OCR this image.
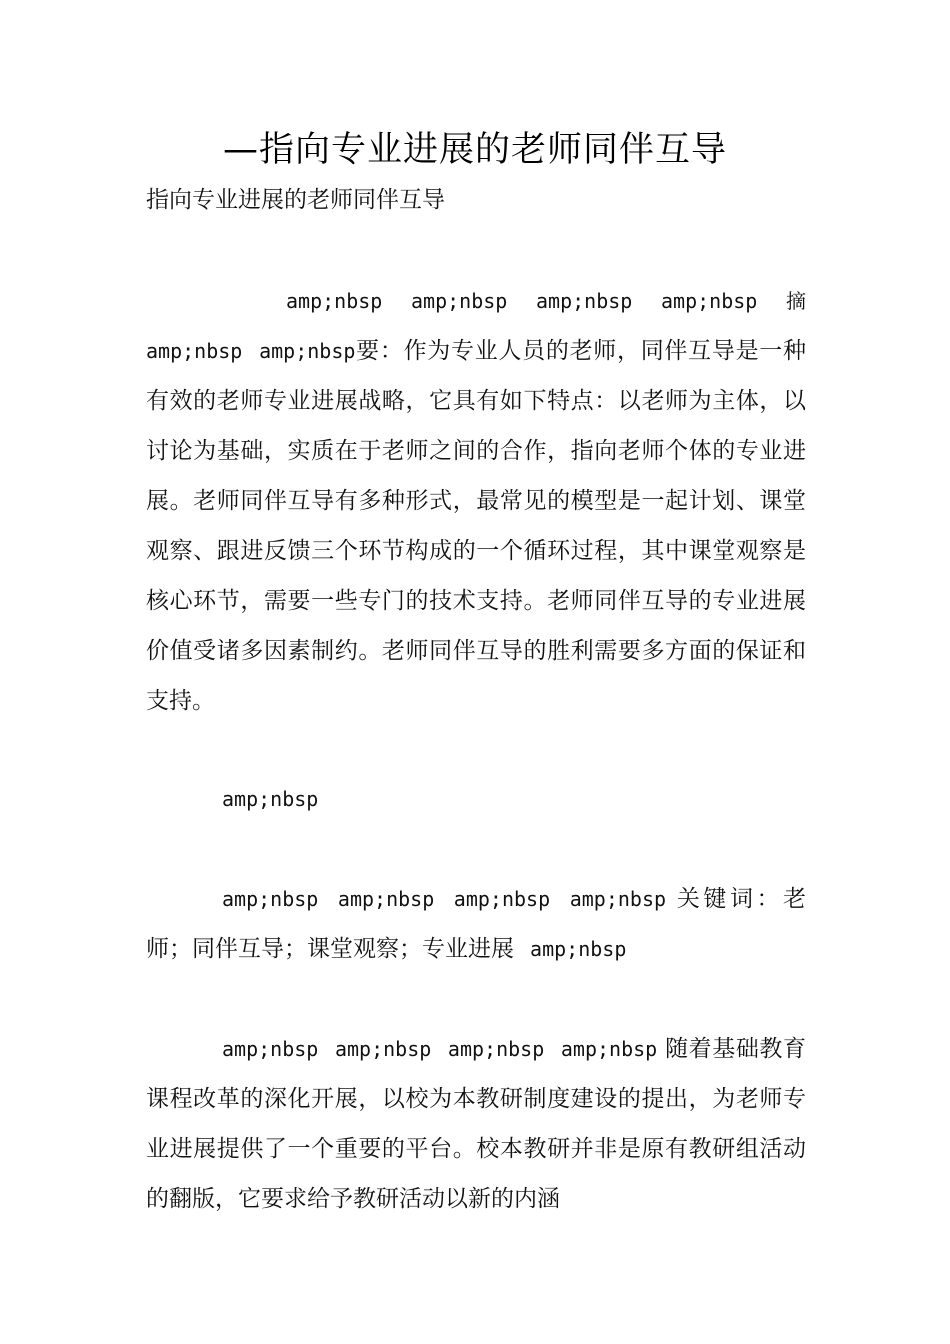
—指向专业进展的老师同伴互导

指向专业进展的老师同伴互导

amp;nbsp amp;nbsp amp;nbsp amp;nbsp 摘 amp;nbsp amp;nbsp要：作为专业人员的老师，同伴互导是一种有效的老师专业进展战略，它具有如下特点：以老师为主体，以讨论为基础，实质在于老师之间的合作，指向老师个体的专业进展。老师同伴互导有多种形式，最常见的模型是一起计划、课堂观察、跟进反馈三个环节构成的一个循环过程，其中课堂观察是核心环节，需要一些专门的技术支持。老师同伴互导的专业进展价值受诸多因素制约。老师同伴互导的胜利需要多方面的保证和支持。

amp;nbsp

amp;nbsp amp;nbsp amp;nbsp amp;nbsp 关键词：老师；同伴互导；课堂观察；专业进展 amp;nbsp

amp;nbsp amp;nbsp amp;nbsp amp;nbsp 随着基础教育课程改革的深化开展，以校为本教研制度建设的提出，为老师专业进展提供了一个重要的平台。校本教研并非是原有教研组活动的翻版，它要求给予教研活动以新的内涵
